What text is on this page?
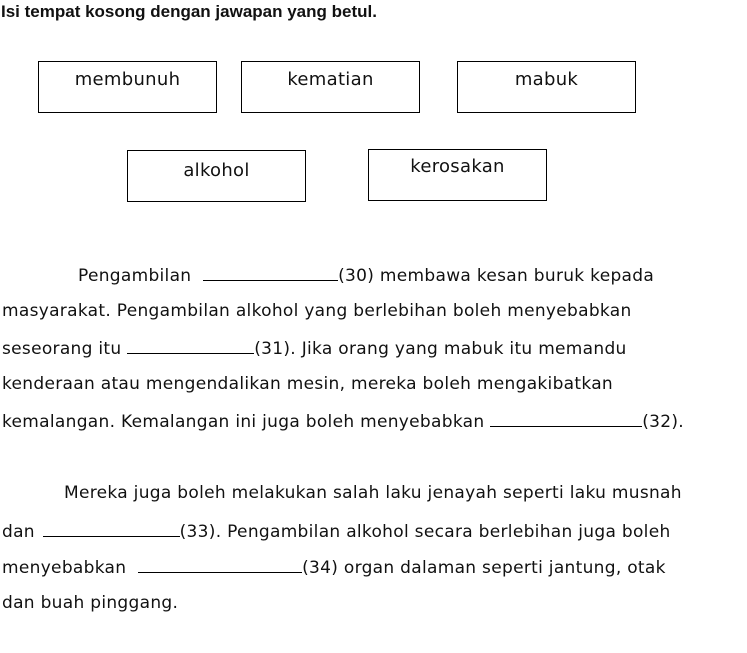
Isi tempat kosong dengan jawapan yang betul.
membunuh	kematian	mabuk
alkohol	kerosakan
Pengambilan	(30) membawa kesan buruk kepada
masyarakat. Pengambilan alkohol yang berlebihan boleh menyebabkan
seseorang itu	(31). Jika orang yang mabuk itu memandu
kenderaan atau mengendalikan mesin, mereka boleh mengakibatkan
kemalangan. Kemalangan ini juga boleh menyebabkan	(32).
Mereka juga boleh melakukan salah laku jenayah seperti laku musnah
dan	(33). Pengambilan alkohol secara berlebihan juga boleh
menyebabkan	(34) organ dalaman seperti jantung, otak
dan buah pinggang.
